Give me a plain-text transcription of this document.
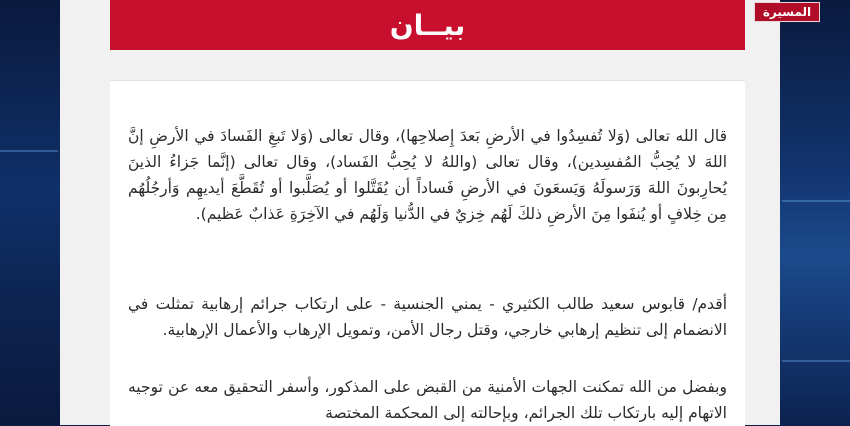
بيــان
قال الله تعالى (وَلا تُفسِدُوا في الأرضِ بَعدَ إِصلاحِها)، وقال تعالى (وَلا تَبغِ الفَسادَ في الأرضِ إنَّ اللهَ لا يُحِبُّ المُفسِدين)، وقال تعالى (واللهُ لا يُحِبُّ الفَساد)، وقال تعالى (إنَّما جَزاءُ الذينَ يُحارِبونَ اللهَ وَرَسولَهُ وَيَسعَونَ في الأرضِ فَساداً أن يُقَتَّلوا أو يُصَلَّبوا أو تُقَطَّعَ أيديهِم وَأرجُلُهُم مِن خِلافٍ أو يُنفَوا مِنَ الأرضِ ذلكَ لَهُم خِزيٌ في الدُّنيا وَلَهُم في الآخِرَةِ عَذابٌ عَظيم).
أقدم/ قابوس سعيد طالب الكثيري - يمني الجنسية - على ارتكاب جرائم إرهابية تمثلت في الانضمام إلى تنظيم إرهابي خارجي، وقتل رجال الأمن، وتمويل الإرهاب والأعمال الإرهابية.
وبفضل من الله تمكنت الجهات الأمنية من القبض على المذكور، وأسفر التحقيق معه عن توجيه الاتهام إليه بارتكاب تلك الجرائم، وبإحالته إلى المحكمة المختصة
المسيرة
